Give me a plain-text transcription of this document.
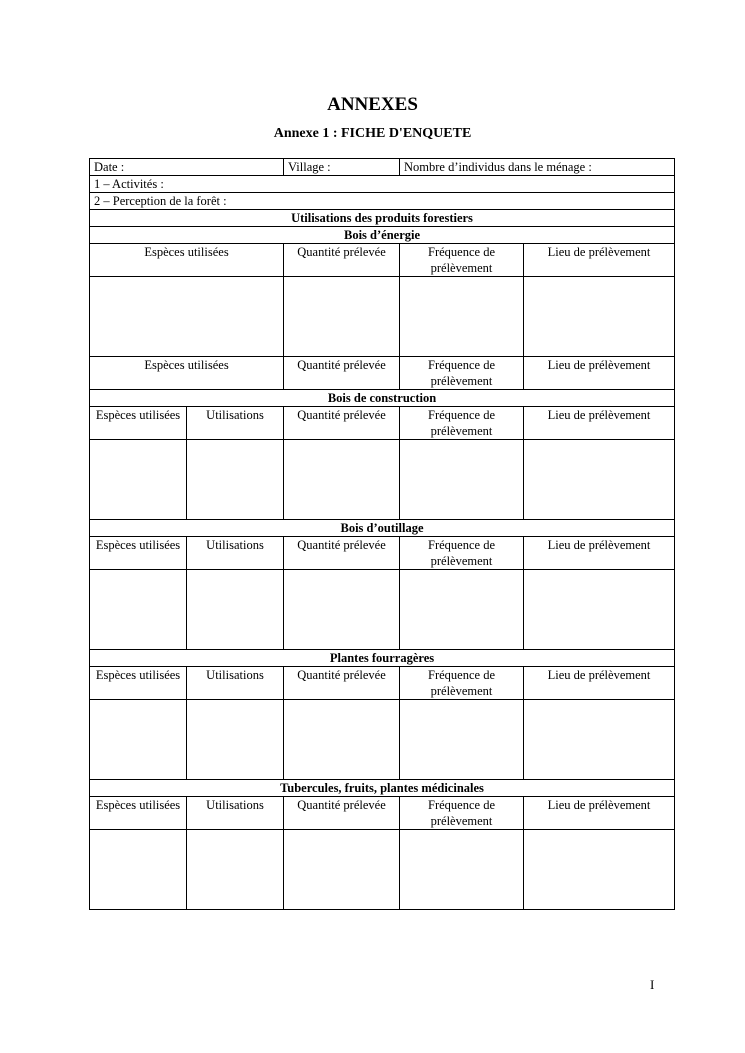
ANNEXES
Annexe 1 : FICHE D'ENQUETE
Date :		Village :	Nombre d’individus dans le ménage :	
1 – Activités :				
2 – Perception de la forêt :				
Utilisations des produits forestiers				
Bois d’énergie				
Espèces utilisées		Quantité prélevée	Fréquence de prélèvement	Lieu de prélèvement

Espèces utilisées		Quantité prélevée	Fréquence de prélèvement	Lieu de prélèvement
Bois de construction				
Espèces utilisées	Utilisations	Quantité prélevée	Fréquence de prélèvement	Lieu de prélèvement

Bois d’outillage				
Espèces utilisées	Utilisations	Quantité prélevée	Fréquence de prélèvement	Lieu de prélèvement

Plantes fourragères				
Espèces utilisées	Utilisations	Quantité prélevée	Fréquence de prélèvement	Lieu de prélèvement

Tubercules, fruits, plantes médicinales				
Espèces utilisées	Utilisations	Quantité prélevée	Fréquence de prélèvement	Lieu de prélèvement

I
